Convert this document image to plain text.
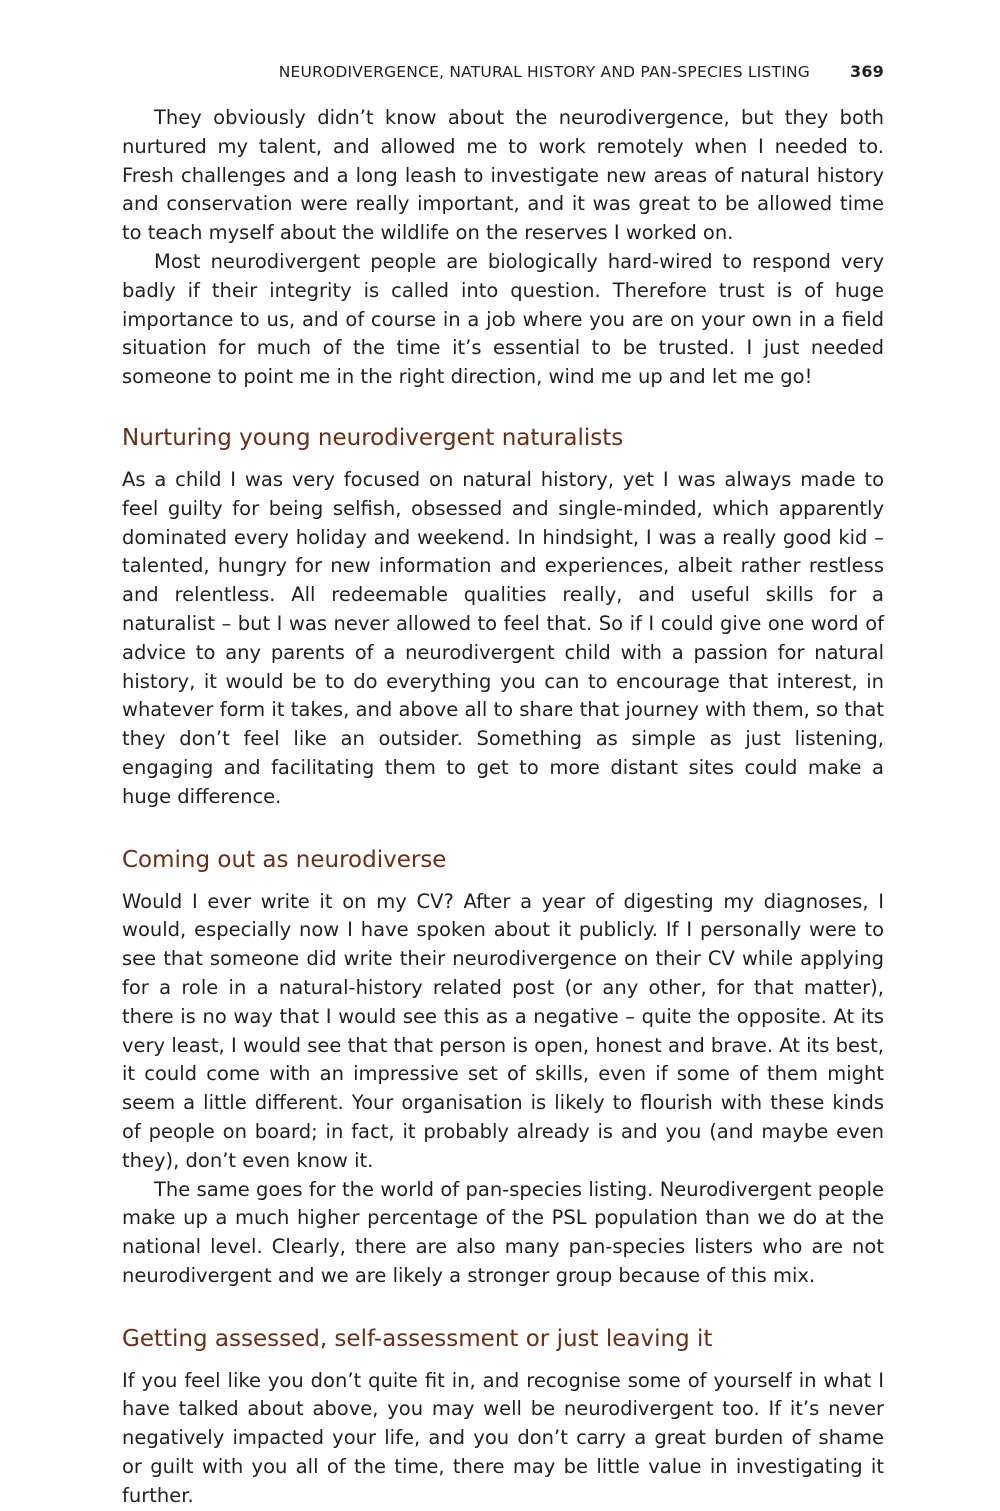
NEURODIVERGENCE, NATURAL HISTORY AND PAN-SPECIES LISTING	369

They obviously didn’t know about the neurodivergence, but they both nurtured my talent, and allowed me to work remotely when I needed to. Fresh challenges and a long leash to investigate new areas of natural history and conservation were really important, and it was great to be allowed time to teach myself about the wildlife on the reserves I worked on.

Most neurodivergent people are biologically hard-wired to respond very badly if their integrity is called into question. Therefore trust is of huge importance to us, and of course in a job where you are on your own in a field situation for much of the time it’s essential to be trusted. I just needed someone to point me in the right direction, wind me up and let me go!

Nurturing young neurodivergent naturalists

As a child I was very focused on natural history, yet I was always made to feel guilty for being selfish, obsessed and single-minded, which apparently dominated every holiday and weekend. In hindsight, I was a really good kid – talented, hungry for new information and experiences, albeit rather restless and relentless. All redeemable qualities really, and useful skills for a naturalist – but I was never allowed to feel that. So if I could give one word of advice to any parents of a neurodivergent child with a passion for natural history, it would be to do everything you can to encourage that interest, in whatever form it takes, and above all to share that journey with them, so that they don’t feel like an outsider. Something as simple as just listening, engaging and facilitating them to get to more distant sites could make a huge difference.

Coming out as neurodiverse

Would I ever write it on my CV? After a year of digesting my diagnoses, I would, especially now I have spoken about it publicly. If I personally were to see that someone did write their neurodivergence on their CV while applying for a role in a natural-history related post (or any other, for that matter), there is no way that I would see this as a negative – quite the opposite. At its very least, I would see that that person is open, honest and brave. At its best, it could come with an impressive set of skills, even if some of them might seem a little different. Your organisation is likely to flourish with these kinds of people on board; in fact, it probably already is and you (and maybe even they), don’t even know it.

The same goes for the world of pan-species listing. Neurodivergent people make up a much higher percentage of the PSL population than we do at the national level. Clearly, there are also many pan-species listers who are not neurodivergent and we are likely a stronger group because of this mix.

Getting assessed, self-assessment or just leaving it

If you feel like you don’t quite fit in, and recognise some of yourself in what I have talked about above, you may well be neurodivergent too. If it’s never negatively impacted your life, and you don’t carry a great burden of shame or guilt with you all of the time, there may be little value in investigating it further.
